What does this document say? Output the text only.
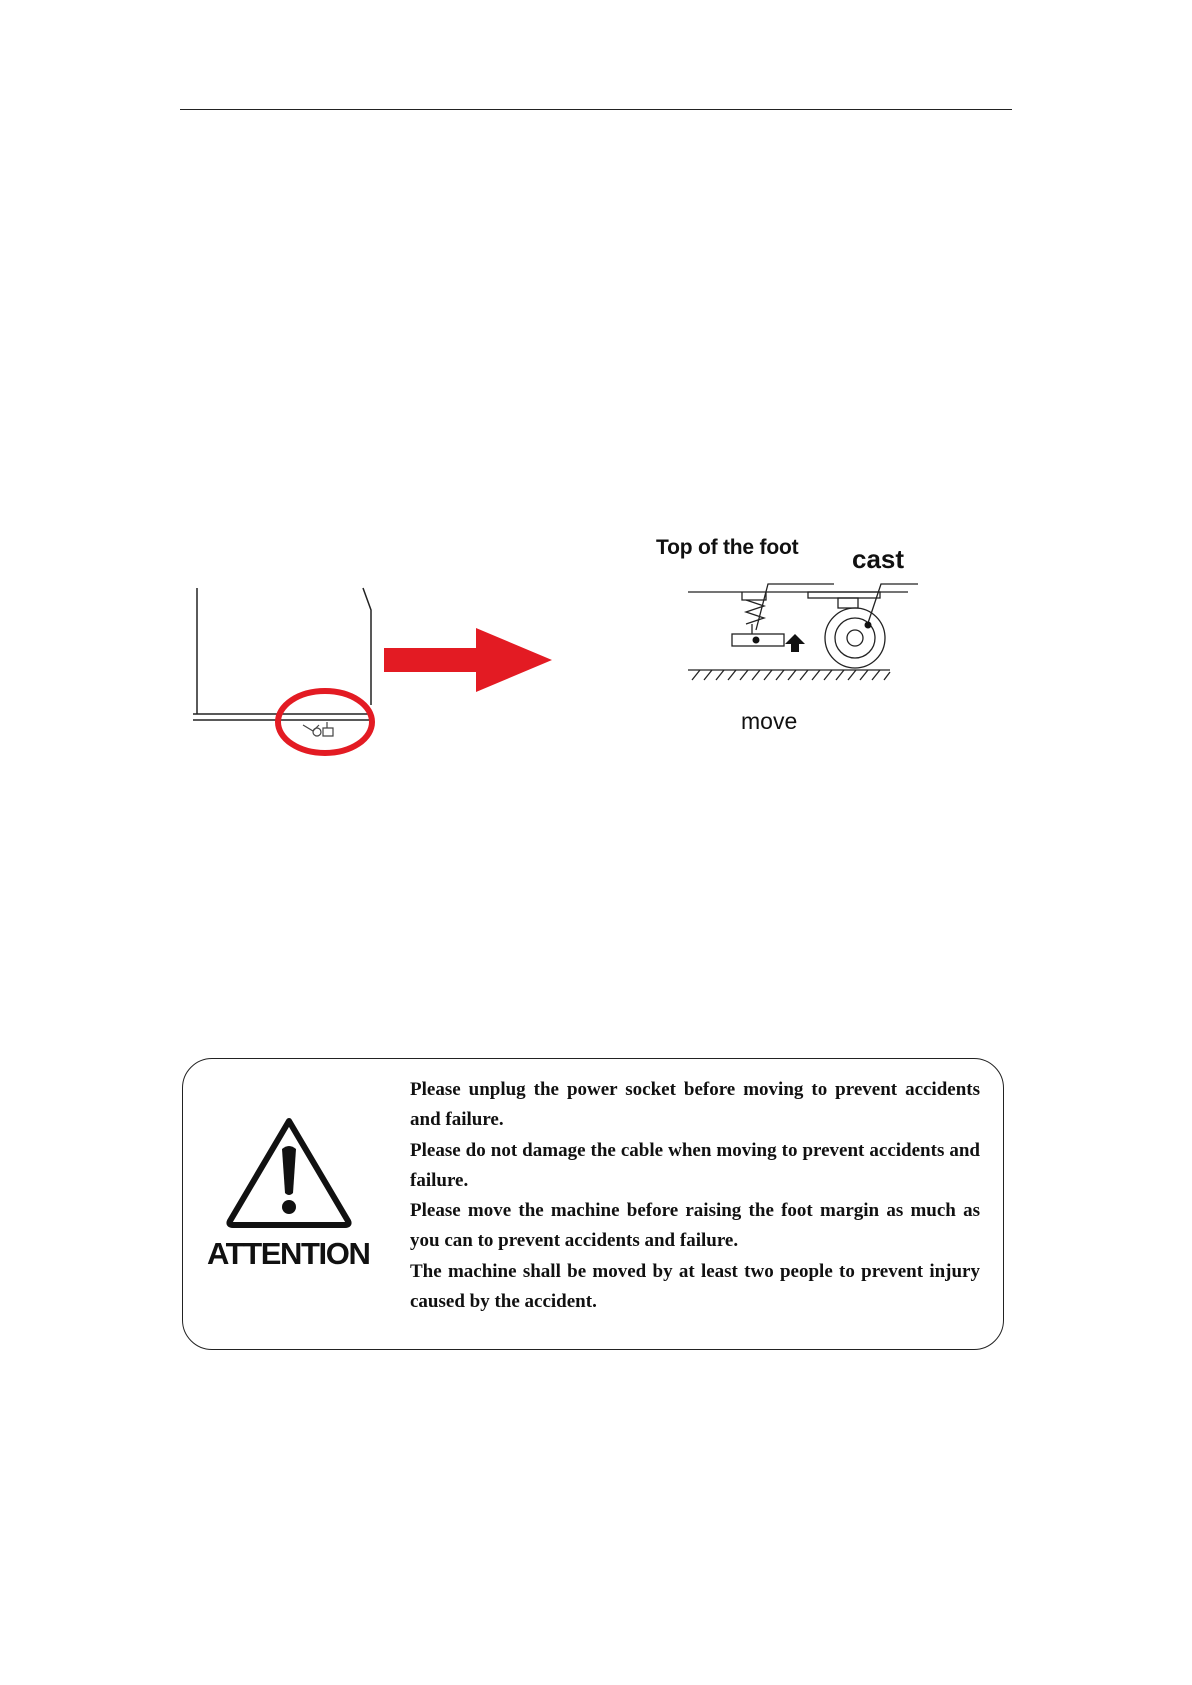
Top of the foot cast
move
ATTENTION

Please unplug the power socket before moving to prevent accidents and failure.

Please do not damage the cable when moving to prevent accidents and failure.

Please move the machine before raising the foot margin as much as you can to prevent accidents and failure.

The machine shall be moved by at least two people to prevent injury caused by the accident.
